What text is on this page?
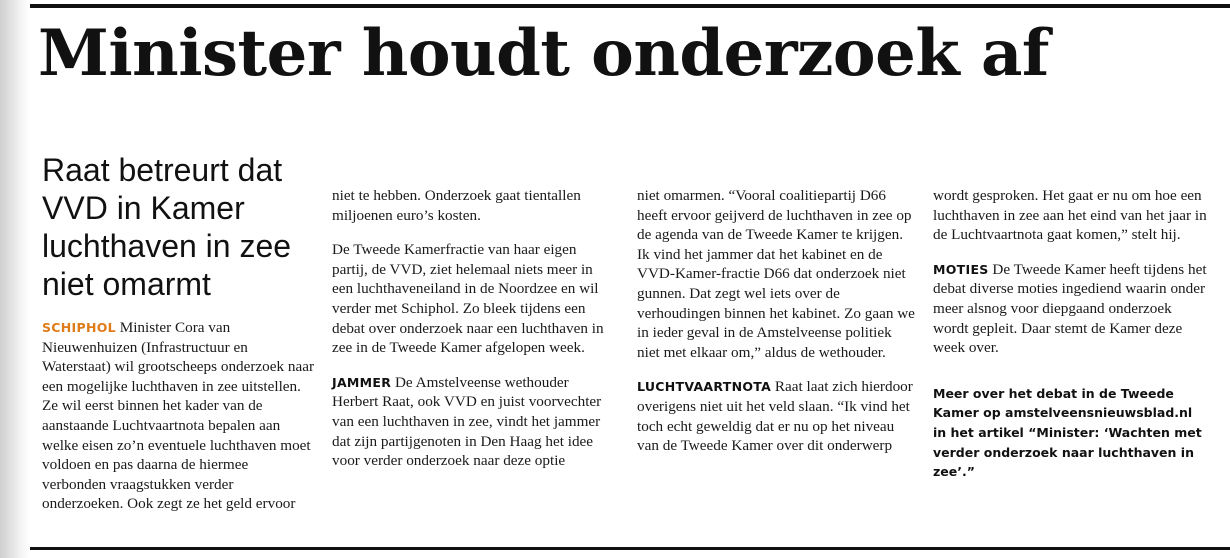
Minister houdt onderzoek af
Raat betreurt dat VVD in Kamer luchthaven in zee niet omarmt

SCHIPHOL Minister Cora van Nieuwenhuizen (Infrastructuur en Waterstaat) wil grootscheeps onderzoek naar een mogelijke luchthaven in zee uitstellen. Ze wil eerst binnen het kader van de aanstaande Luchtvaartnota bepalen aan welke eisen zo’n eventuele luchthaven moet voldoen en pas daarna de hiermee verbonden vraagstukken verder onderzoeken. Ook zegt ze het geld ervoor

niet te hebben. Onderzoek gaat tientallen miljoenen euro’s kosten.

De Tweede Kamerfractie van haar eigen partij, de VVD, ziet helemaal niets meer in een luchthaveneiland in de Noordzee en wil verder met Schiphol. Zo bleek tijdens een debat over onderzoek naar een luchthaven in zee in de Tweede Kamer afgelopen week.

JAMMER De Amstelveense wethouder Herbert Raat, ook VVD en juist voorvechter van een luchthaven in zee, vindt het jammer dat zijn partijgenoten in Den Haag het idee voor verder onderzoek naar deze optie

niet omarmen. “Vooral coalitiepartij D66 heeft ervoor geijverd de luchthaven in zee op de agenda van de Tweede Kamer te krijgen. Ik vind het jammer dat het kabinet en de VVD-Kamer-fractie D66 dat onderzoek niet gunnen. Dat zegt wel iets over de verhoudingen binnen het kabinet. Zo gaan we in ieder geval in de Amstelveense politiek niet met elkaar om,” aldus de wethouder.

LUCHTVAARTNOTA Raat laat zich hierdoor overigens niet uit het veld slaan. “Ik vind het toch echt geweldig dat er nu op het niveau van de Tweede Kamer over dit onderwerp

wordt gesproken. Het gaat er nu om hoe een luchthaven in zee aan het eind van het jaar in de Luchtvaartnota gaat komen,” stelt hij.

MOTIES De Tweede Kamer heeft tijdens het debat diverse moties ingediend waarin onder meer alsnog voor diepgaand onderzoek wordt gepleit. Daar stemt de Kamer deze week over.

Meer over het debat in de Tweede Kamer op amstelveensnieuwsblad.nl in het artikel “Minister: ‘Wachten met verder onderzoek naar luchthaven in zee’.”
